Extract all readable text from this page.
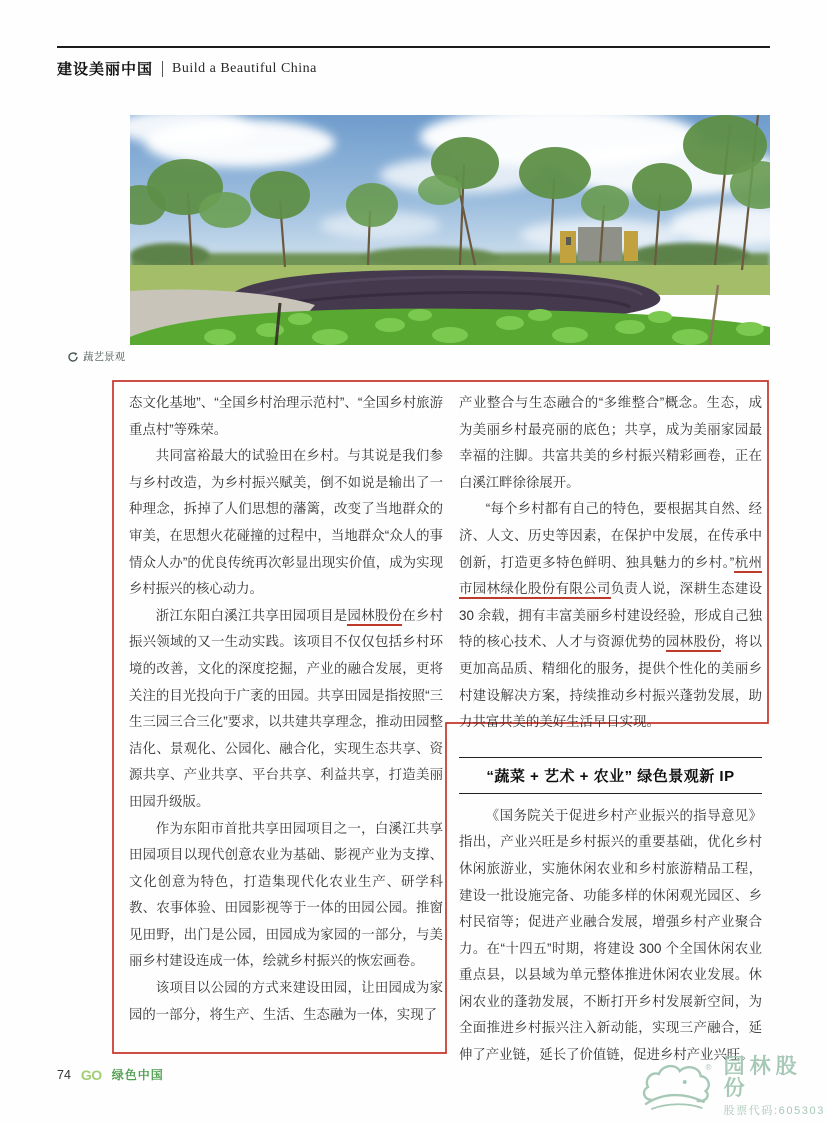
建设美丽中国 Build a Beautiful China
蔬艺景观

态文化基地”、“全国乡村治理示范村”、“全国乡村旅游重点村”等殊荣。

共同富裕最大的试验田在乡村。与其说是我们参与乡村改造，为乡村振兴赋美，倒不如说是输出了一种理念，拆掉了人们思想的藩篱，改变了当地群众的审美，在思想火花碰撞的过程中，当地群众“众人的事情众人办”的优良传统再次彰显出现实价值，成为实现乡村振兴的核心动力。

浙江东阳白溪江共享田园项目是园林股份在乡村振兴领域的又一生动实践。该项目不仅仅包括乡村环境的改善，文化的深度挖掘，产业的融合发展，更将关注的目光投向于广袤的田园。共享田园是指按照“三生三园三合三化”要求，以共建共享理念，推动田园整洁化、景观化、公园化、融合化，实现生态共享、资源共享、产业共享、平台共享、利益共享，打造美丽田园升级版。

作为东阳市首批共享田园项目之一，白溪江共享田园项目以现代创意农业为基础、影视产业为支撑、文化创意为特色，打造集现代化农业生产、研学科教、农事体验、田园影视等于一体的田园公园。推窗见田野，出门是公园，田园成为家园的一部分，与美丽乡村建设连成一体，绘就乡村振兴的恢宏画卷。

该项目以公园的方式来建设田园，让田园成为家园的一部分，将生产、生活、生态融为一体，实现了

产业整合与生态融合的“多维整合”概念。生态，成为美丽乡村最亮丽的底色；共享，成为美丽家园最幸福的注脚。共富共美的乡村振兴精彩画卷，正在白溪江畔徐徐展开。

“每个乡村都有自己的特色，要根据其自然、经济、人文、历史等因素，在保护中发展，在传承中创新，打造更多特色鲜明、独具魅力的乡村。”杭州市园林绿化股份有限公司负责人说，深耕生态建设 30 余载，拥有丰富美丽乡村建设经验，形成自己独特的核心技术、人才与资源优势的园林股份，将以更加高品质、精细化的服务，提供个性化的美丽乡村建设解决方案，持续推动乡村振兴蓬勃发展，助力共富共美的美好生活早日实现。

“蔬菜 + 艺术 + 农业” 绿色景观新 IP

《国务院关于促进乡村产业振兴的指导意见》指出，产业兴旺是乡村振兴的重要基础，优化乡村休闲旅游业，实施休闲农业和乡村旅游精品工程，建设一批设施完备、功能多样的休闲观光园区、乡村民宿等；促进产业融合发展，增强乡村产业聚合力。在“十四五”时期，将建设 300 个全国休闲农业重点县，以县域为单元整体推进休闲农业发展。休闲农业的蓬勃发展，不断打开乡村发展新空间，为全面推进乡村振兴注入新动能，实现三产融合，延伸了产业链，延长了价值链，促进乡村产业兴旺。

74 GO 绿色中国
® 园林股份
股票代码:605303
